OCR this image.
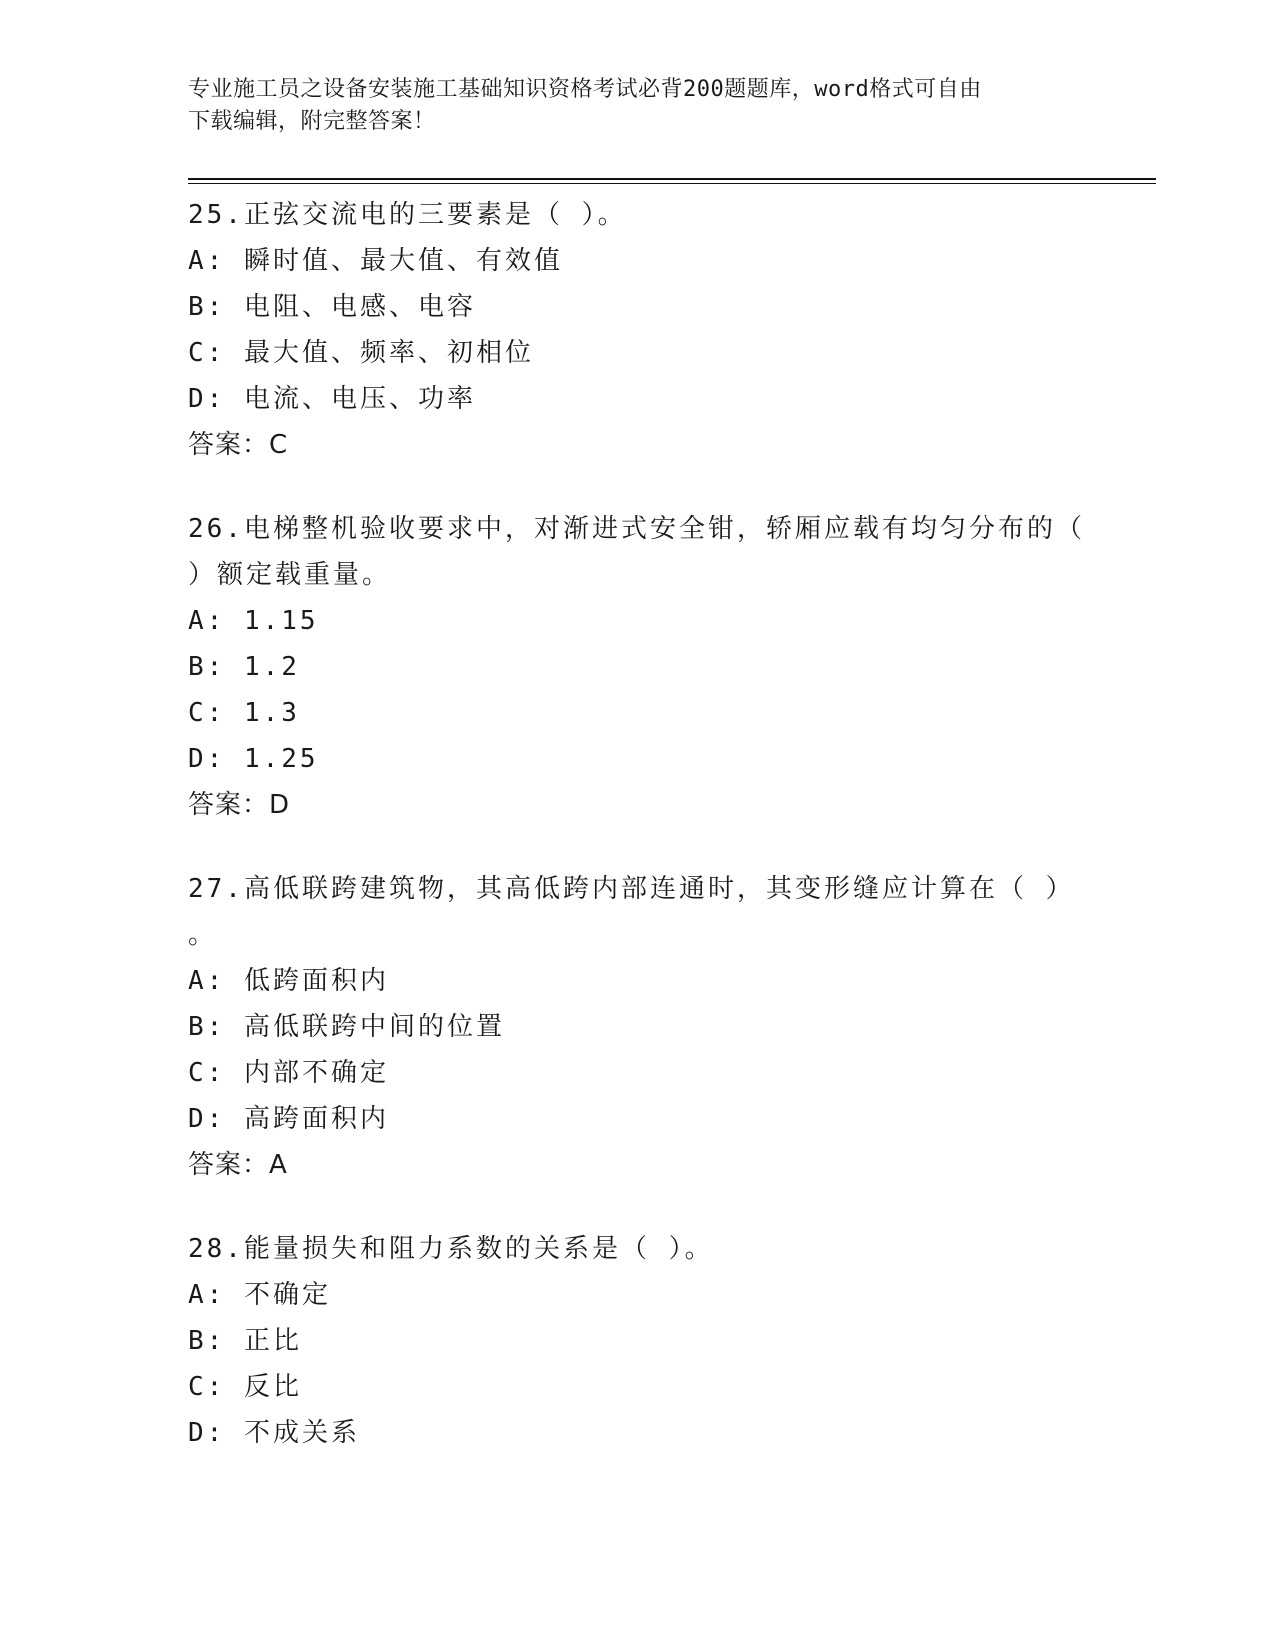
专业施工员之设备安装施工基础知识资格考试必背200题题库，word格式可自由
下载编辑，附完整答案！
25.正弦交流电的三要素是（ ）。
A: 瞬时值、最大值、有效值
B: 电阻、电感、电容
C: 最大值、频率、初相位
D: 电流、电压、功率
答案：C
26.电梯整机验收要求中，对渐进式安全钳，轿厢应载有均匀分布的（
）额定载重量。
A: 1.15
B: 1.2
C: 1.3
D: 1.25
答案：D
27.高低联跨建筑物，其高低跨内部连通时，其变形缝应计算在（ ）
。
A: 低跨面积内
B: 高低联跨中间的位置
C: 内部不确定
D: 高跨面积内
答案：A
28.能量损失和阻力系数的关系是（ ）。
A: 不确定
B: 正比
C: 反比
D: 不成关系
